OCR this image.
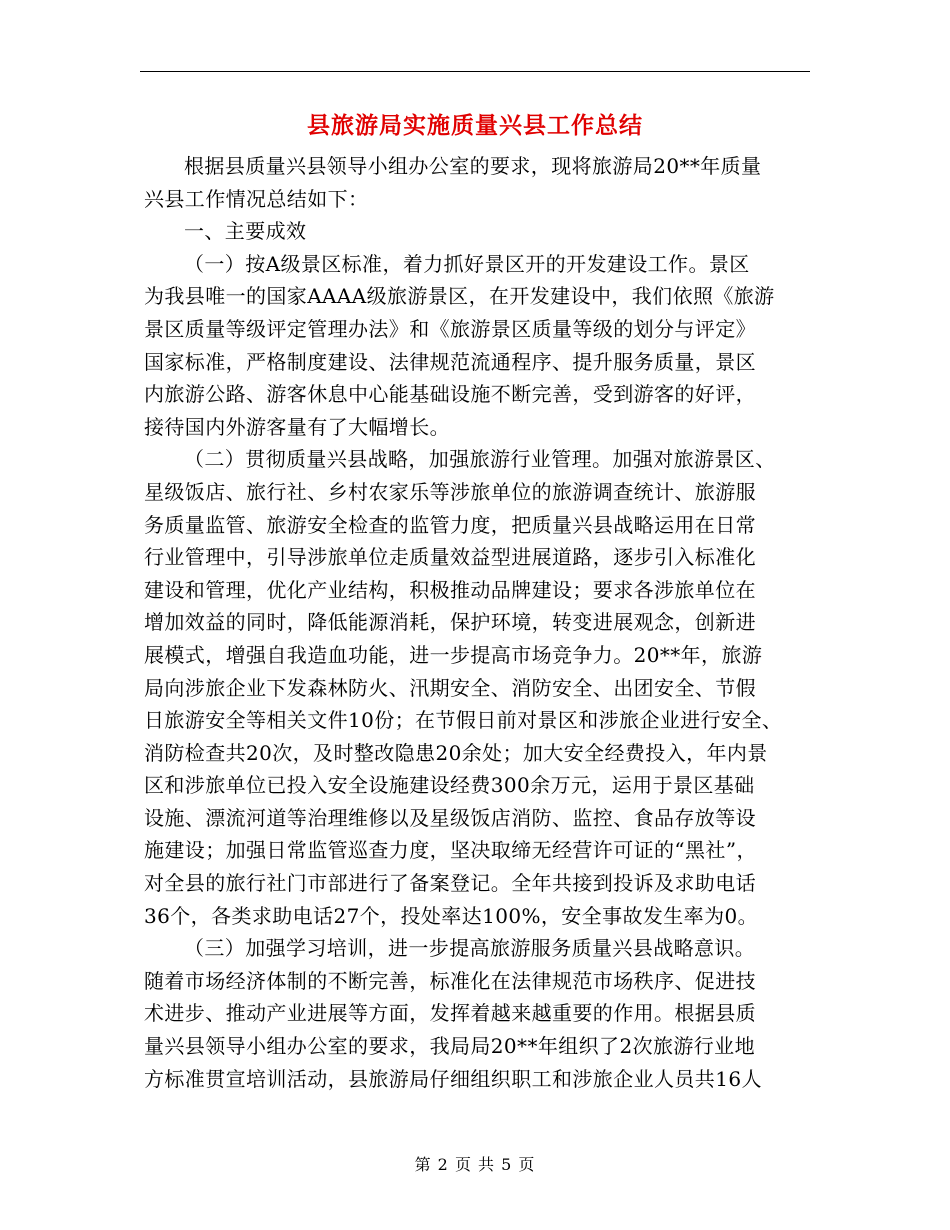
县旅游局实施质量兴县工作总结
根据县质量兴县领导小组办公室的要求，现将旅游局20**年质量
兴县工作情况总结如下：
一、主要成效
（一）按A级景区标准，着力抓好景区开的开发建设工作。景区
为我县唯一的国家AAAA级旅游景区，在开发建设中，我们依照《旅游
景区质量等级评定管理办法》和《旅游景区质量等级的划分与评定》
国家标准，严格制度建设、法律规范流通程序、提升服务质量，景区
内旅游公路、游客休息中心能基础设施不断完善，受到游客的好评，
接待国内外游客量有了大幅增长。
（二）贯彻质量兴县战略，加强旅游行业管理。加强对旅游景区、
星级饭店、旅行社、乡村农家乐等涉旅单位的旅游调查统计、旅游服
务质量监管、旅游安全检查的监管力度，把质量兴县战略运用在日常
行业管理中，引导涉旅单位走质量效益型进展道路，逐步引入标准化
建设和管理，优化产业结构，积极推动品牌建设；要求各涉旅单位在
增加效益的同时，降低能源消耗，保护环境，转变进展观念，创新进
展模式，增强自我造血功能，进一步提高市场竞争力。20**年，旅游
局向涉旅企业下发森林防火、汛期安全、消防安全、出团安全、节假
日旅游安全等相关文件10份；在节假日前对景区和涉旅企业进行安全、
消防检查共20次，及时整改隐患20余处；加大安全经费投入，年内景
区和涉旅单位已投入安全设施建设经费300余万元，运用于景区基础
设施、漂流河道等治理维修以及星级饭店消防、监控、食品存放等设
施建设；加强日常监管巡查力度，坚决取缔无经营许可证的“黑社”，
对全县的旅行社门市部进行了备案登记。全年共接到投诉及求助电话
36个，各类求助电话27个，投处率达100%，安全事故发生率为0。
（三）加强学习培训，进一步提高旅游服务质量兴县战略意识。
随着市场经济体制的不断完善，标准化在法律规范市场秩序、促进技
术进步、推动产业进展等方面，发挥着越来越重要的作用。根据县质
量兴县领导小组办公室的要求，我局局20**年组织了2次旅游行业地
方标准贯宣培训活动，县旅游局仔细组织职工和涉旅企业人员共16人
第 2 页 共 5 页
